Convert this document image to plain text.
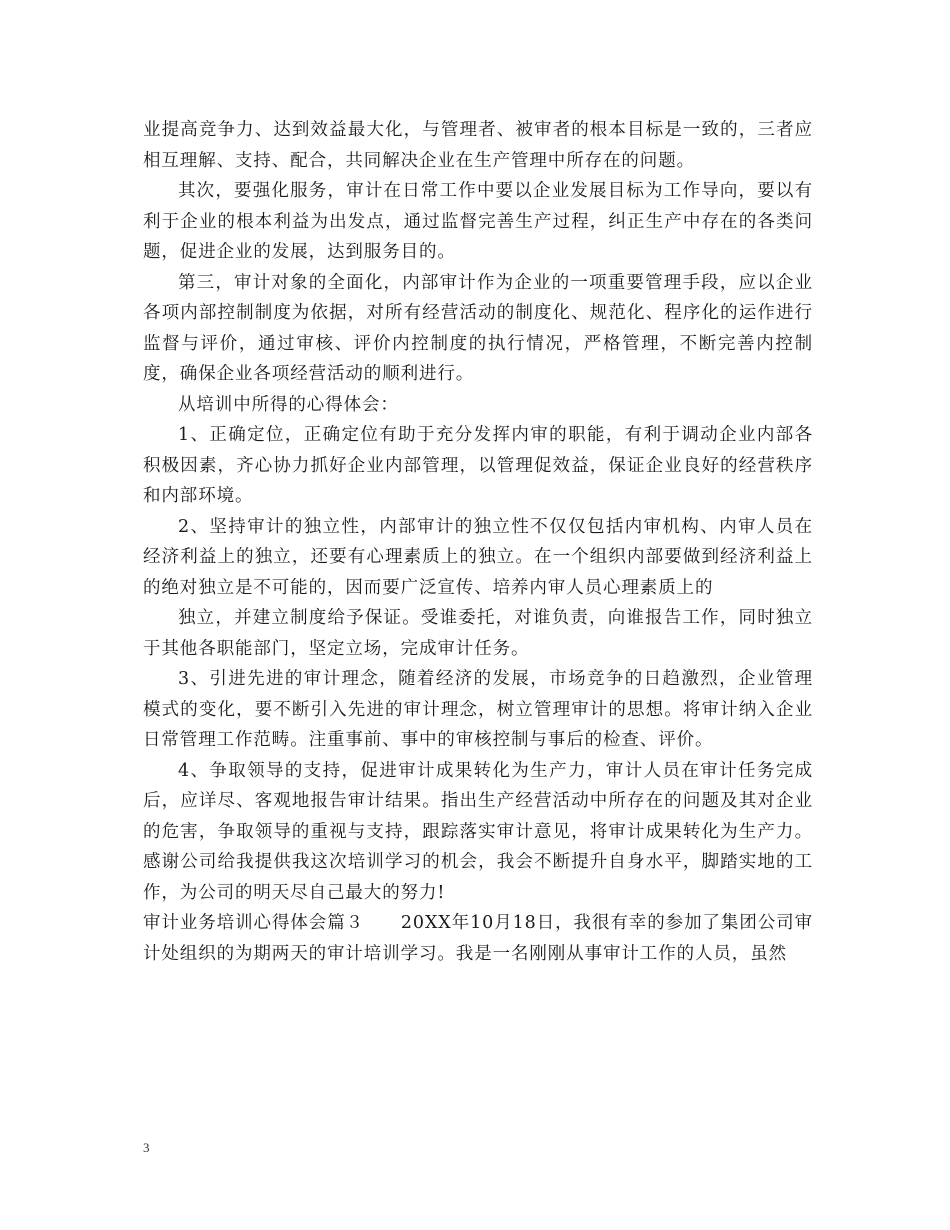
业提高竞争力、达到效益最大化，与管理者、被审者的根本目标是一致的，三者应相互理解、支持、配合，共同解决企业在生产管理中所存在的问题。

其次，要强化服务，审计在日常工作中要以企业发展目标为工作导向，要以有利于企业的根本利益为出发点，通过监督完善生产过程，纠正生产中存在的各类问题，促进企业的发展，达到服务目的。

第三，审计对象的全面化，内部审计作为企业的一项重要管理手段，应以企业各项内部控制制度为依据，对所有经营活动的制度化、规范化、程序化的运作进行监督与评价，通过审核、评价内控制度的执行情况，严格管理，不断完善内控制度，确保企业各项经营活动的顺利进行。

从培训中所得的心得体会：

1、正确定位，正确定位有助于充分发挥内审的职能，有利于调动企业内部各积极因素，齐心协力抓好企业内部管理，以管理促效益，保证企业良好的经营秩序和内部环境。

2、坚持审计的独立性，内部审计的独立性不仅仅包括内审机构、内审人员在经济利益上的独立，还要有心理素质上的独立。在一个组织内部要做到经济利益上的绝对独立是不可能的，因而要广泛宣传、培养内审人员心理素质上的

独立，并建立制度给予保证。受谁委托，对谁负责，向谁报告工作，同时独立于其他各职能部门，坚定立场，完成审计任务。

3、引进先进的审计理念，随着经济的发展，市场竞争的日趋激烈，企业管理模式的变化，要不断引入先进的审计理念，树立管理审计的思想。将审计纳入企业日常管理工作范畴。注重事前、事中的审核控制与事后的检查、评价。

4、争取领导的支持，促进审计成果转化为生产力，审计人员在审计任务完成后，应详尽、客观地报告审计结果。指出生产经营活动中所存在的问题及其对企业的危害，争取领导的重视与支持，跟踪落实审计意见，将审计成果转化为生产力。感谢公司给我提供我这次培训学习的机会，我会不断提升自身水平，脚踏实地的工作，为公司的明天尽自己最大的努力!

审计业务培训心得体会篇３　　20XX年10月18日，我很有幸的参加了集团公司审计处组织的为期两天的审计培训学习。我是一名刚刚从事审计工作的人员，虽然

3
